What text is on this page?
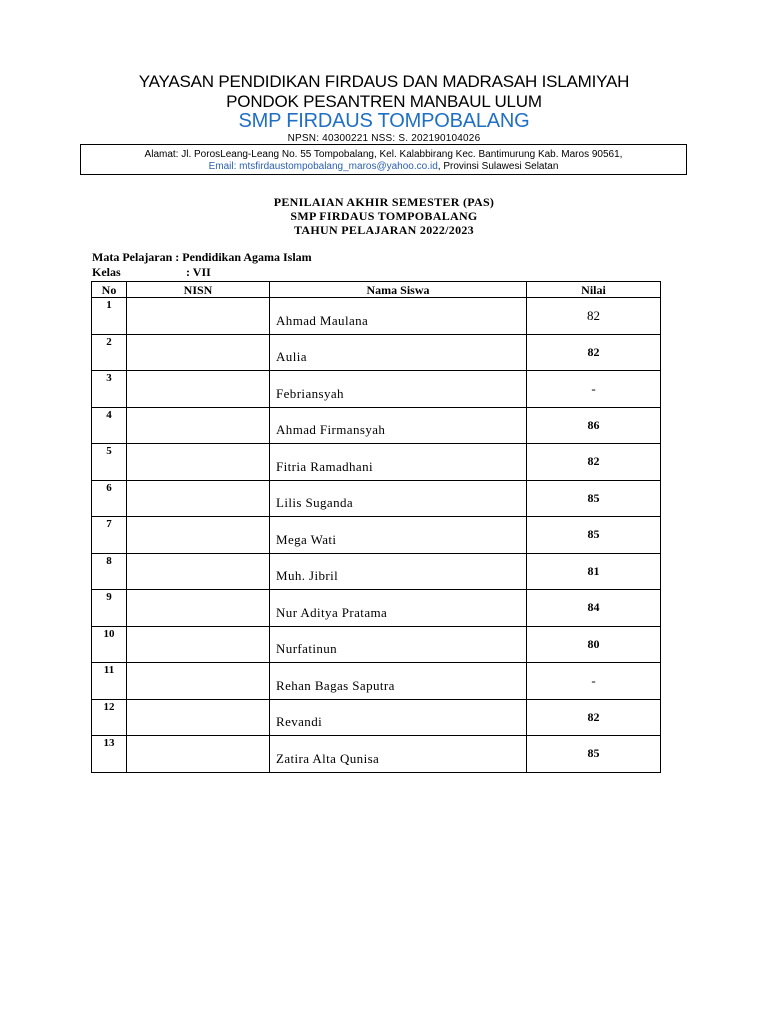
YAYASAN PENDIDIKAN FIRDAUS DAN MADRASAH ISLAMIYAH
PONDOK PESANTREN MANBAUL ULUM
SMP FIRDAUS TOMPOBALANG
NPSN: 40300221 NSS: S. 202190104026
Alamat: Jl. PorosLeang-Leang No. 55 Tompobalang, Kel. Kalabbirang Kec. Bantimurung Kab. Maros 90561,
Email: mtsfirdaustompobalang_maros@yahoo.co.id, Provinsi Sulawesi Selatan
PENILAIAN AKHIR SEMESTER (PAS)
SMP FIRDAUS TOMPOBALANG
TAHUN PELAJARAN 2022/2023
Mata Pelajaran : Pendidikan Agama Islam
Kelas	: VII
No	NISN	Nama Siswa	Nilai
1		Ahmad Maulana	82
2		Aulia	82
3		Febriansyah	-
4		Ahmad Firmansyah	86
5		Fitria Ramadhani	82
6		Lilis Suganda	85
7		Mega Wati	85
8		Muh. Jibril	81
9		Nur Aditya Pratama	84
10		Nurfatinun	80
11		Rehan Bagas Saputra	-
12		Revandi	82
13		Zatira Alta Qunisa	85
